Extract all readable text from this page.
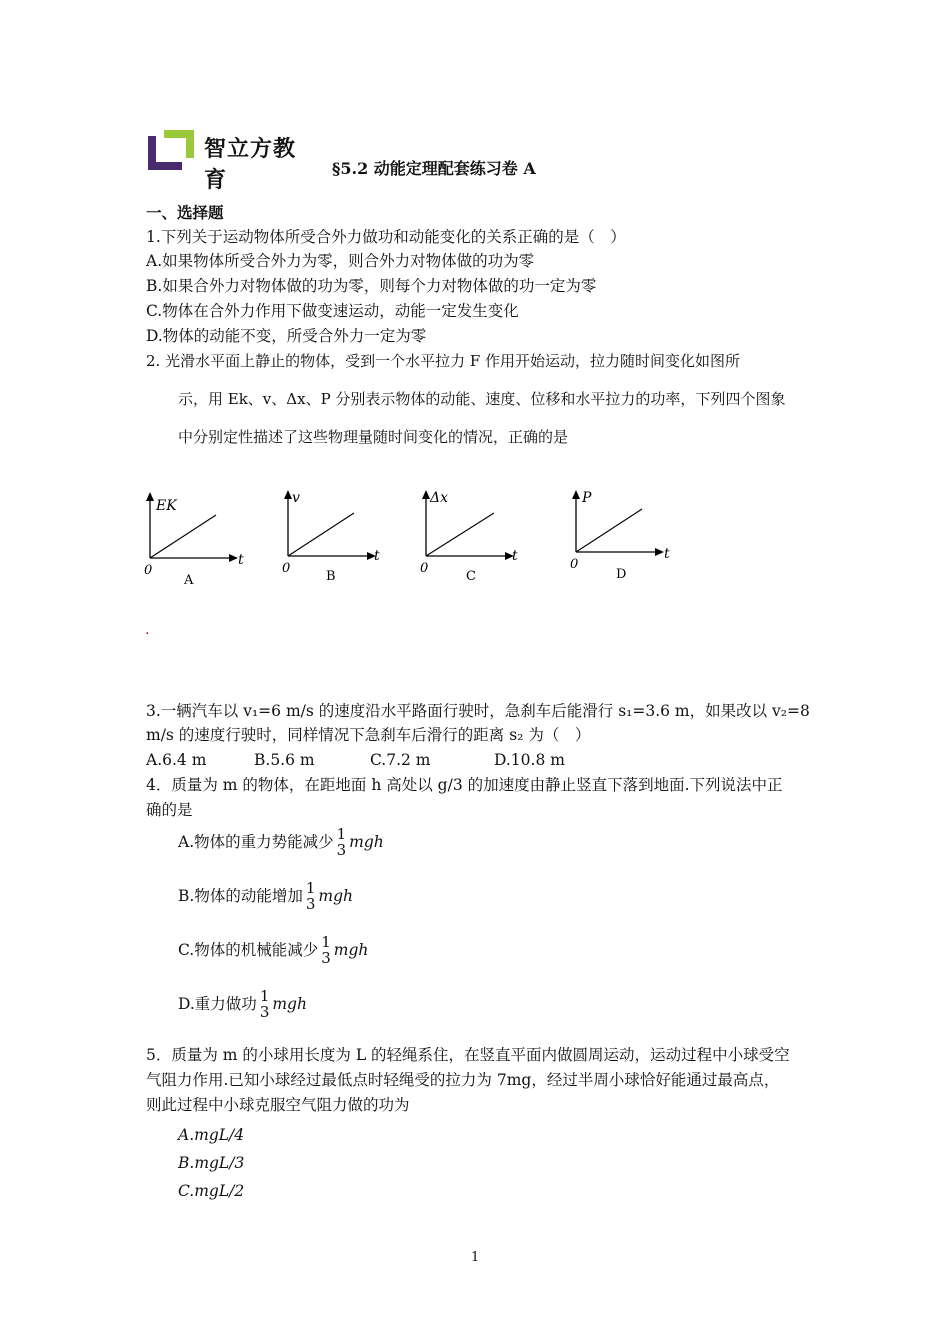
智立方教育	§5.2 动能定理配套练习卷 A
一、选择题
1.下列关于运动物体所受合外力做功和动能变化的关系正确的是（　）
A.如果物体所受合外力为零，则合外力对物体做的功为零
B.如果合外力对物体做的功为零，则每个力对物体做的功一定为零
C.物体在合外力作用下做变速运动，动能一定发生变化
D.物体的动能不变，所受合外力一定为零
2. 光滑水平面上静止的物体，受到一个水平拉力 F 作用开始运动，拉力随时间变化如图所
示，用 Ek、v、Δx、P 分别表示物体的动能、速度、位移和水平拉力的功率，下列四个图象
中分别定性描述了这些物理量随时间变化的情况，正确的是
EK
t
0
A
v
t
0
B
Δx
t
0
C
P
t
0
D
.
3.一辆汽车以 v₁=6 m/s 的速度沿水平路面行驶时，急刹车后能滑行 s₁=3.6 m，如果改以 v₂=8
m/s 的速度行驶时，同样情况下急刹车后滑行的距离 s₂ 为（　）
A.6.4 m	B.5.6 m	C.7.2 m	D.10.8 m
4．质量为 m 的物体，在距地面 h 高处以 g/3 的加速度由静止竖直下落到地面.下列说法中正
确的是
A.物体的重力势能减少 1
3 mgh
B.物体的动能增加 1
3 mgh
C.物体的机械能减少 1
3 mgh
D.重力做功 1
3 mgh
5．质量为 m 的小球用长度为 L 的轻绳系住，在竖直平面内做圆周运动，运动过程中小球受空
气阻力作用.已知小球经过最低点时轻绳受的拉力为 7mg，经过半周小球恰好能通过最高点，
则此过程中小球克服空气阻力做的功为
A.mgL/4
B.mgL/3
C.mgL/2
1
